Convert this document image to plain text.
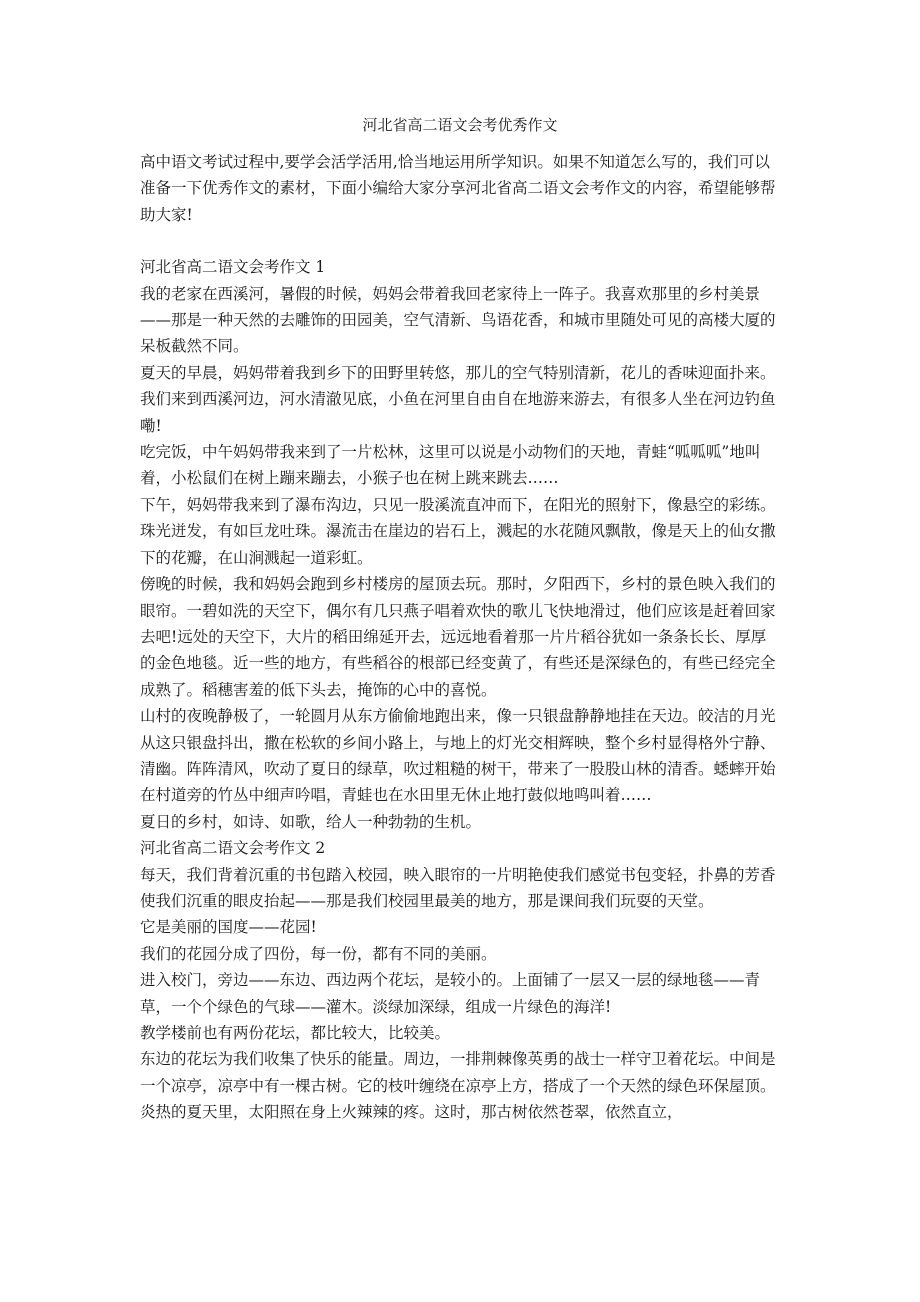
河北省高二语文会考优秀作文

高中语文考试过程中,要学会活学活用,恰当地运用所学知识。如果不知道怎么写的，我们可以准备一下优秀作文的素材，下面小编给大家分享河北省高二语文会考作文的内容，希望能够帮助大家!

河北省高二语文会考作文 1

我的老家在西溪河，暑假的时候，妈妈会带着我回老家待上一阵子。我喜欢那里的乡村美景——那是一种天然的去雕饰的田园美，空气清新、鸟语花香，和城市里随处可见的高楼大厦的呆板截然不同。

夏天的早晨，妈妈带着我到乡下的田野里转悠，那儿的空气特别清新，花儿的香味迎面扑来。我们来到西溪河边，河水清澈见底，小鱼在河里自由自在地游来游去，有很多人坐在河边钓鱼嘞!

吃完饭，中午妈妈带我来到了一片松林，这里可以说是小动物们的天地，青蛙“呱呱呱”地叫着，小松鼠们在树上蹦来蹦去，小猴子也在树上跳来跳去……

下午，妈妈带我来到了瀑布沟边，只见一股溪流直冲而下，在阳光的照射下，像悬空的彩练。珠光迸发，有如巨龙吐珠。瀑流击在崖边的岩石上，溅起的水花随风飘散，像是天上的仙女撒下的花瓣，在山涧溅起一道彩虹。

傍晚的时候，我和妈妈会跑到乡村楼房的屋顶去玩。那时，夕阳西下，乡村的景色映入我们的眼帘。一碧如洗的天空下，偶尔有几只燕子唱着欢快的歌儿飞快地滑过，他们应该是赶着回家去吧!远处的天空下，大片的稻田绵延开去，远远地看着那一片片稻谷犹如一条条长长、厚厚的金色地毯。近一些的地方，有些稻谷的根部已经变黄了，有些还是深绿色的，有些已经完全成熟了。稻穗害羞的低下头去，掩饰的心中的喜悦。

山村的夜晚静极了，一轮圆月从东方偷偷地跑出来，像一只银盘静静地挂在天边。皎洁的月光从这只银盘抖出，撒在松软的乡间小路上，与地上的灯光交相辉映，整个乡村显得格外宁静、清幽。阵阵清风，吹动了夏日的绿草，吹过粗糙的树干，带来了一股股山林的清香。蟋蟀开始在村道旁的竹丛中细声吟唱，青蛙也在水田里无休止地打鼓似地鸣叫着……

夏日的乡村，如诗、如歌，给人一种勃勃的生机。

河北省高二语文会考作文 2

每天，我们背着沉重的书包踏入校园，映入眼帘的一片明艳使我们感觉书包变轻，扑鼻的芳香使我们沉重的眼皮抬起——那是我们校园里最美的地方，那是课间我们玩耍的天堂。

它是美丽的国度——花园!

我们的花园分成了四份，每一份，都有不同的美丽。

进入校门，旁边——东边、西边两个花坛，是较小的。上面铺了一层又一层的绿地毯——青草，一个个绿色的气球——灌木。淡绿加深绿，组成一片绿色的海洋!

教学楼前也有两份花坛，都比较大，比较美。

东边的花坛为我们收集了快乐的能量。周边，一排荆棘像英勇的战士一样守卫着花坛。中间是一个凉亭，凉亭中有一棵古树。它的枝叶缠绕在凉亭上方，搭成了一个天然的绿色环保屋顶。炎热的夏天里，太阳照在身上火辣辣的疼。这时，那古树依然苍翠，依然直立，
